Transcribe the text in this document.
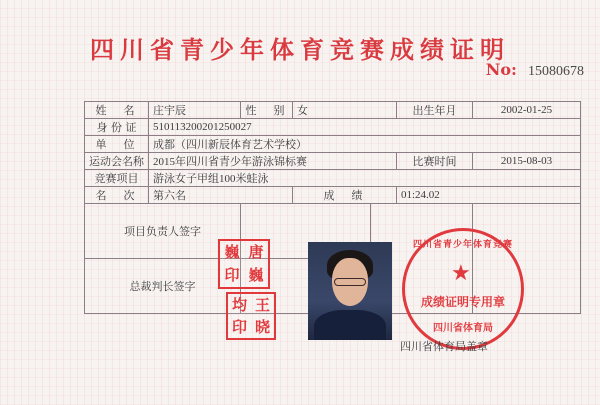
四川省青少年体育竞赛成绩证明
No: 15080678
姓　名	庄宇辰	性　别	女		出生年月	2002-01-25
身 份 证	510113200201250027					
单　位	成都（四川新辰体育艺术学校）					
运动会名称	2015年四川省青少年游泳锦标赛				比赛时间	2015-08-03
竞赛项目	游泳女子甲组100米蛙泳					
名　次	第六名		成　绩		01:24.02	
项目负责人签字						
总裁判长签字						
巍 唐
印 巍
均 王
印 晓
四川省青少年体育竞赛
★
成绩证明专用章
四川省体育局
四川省体育局盖章
